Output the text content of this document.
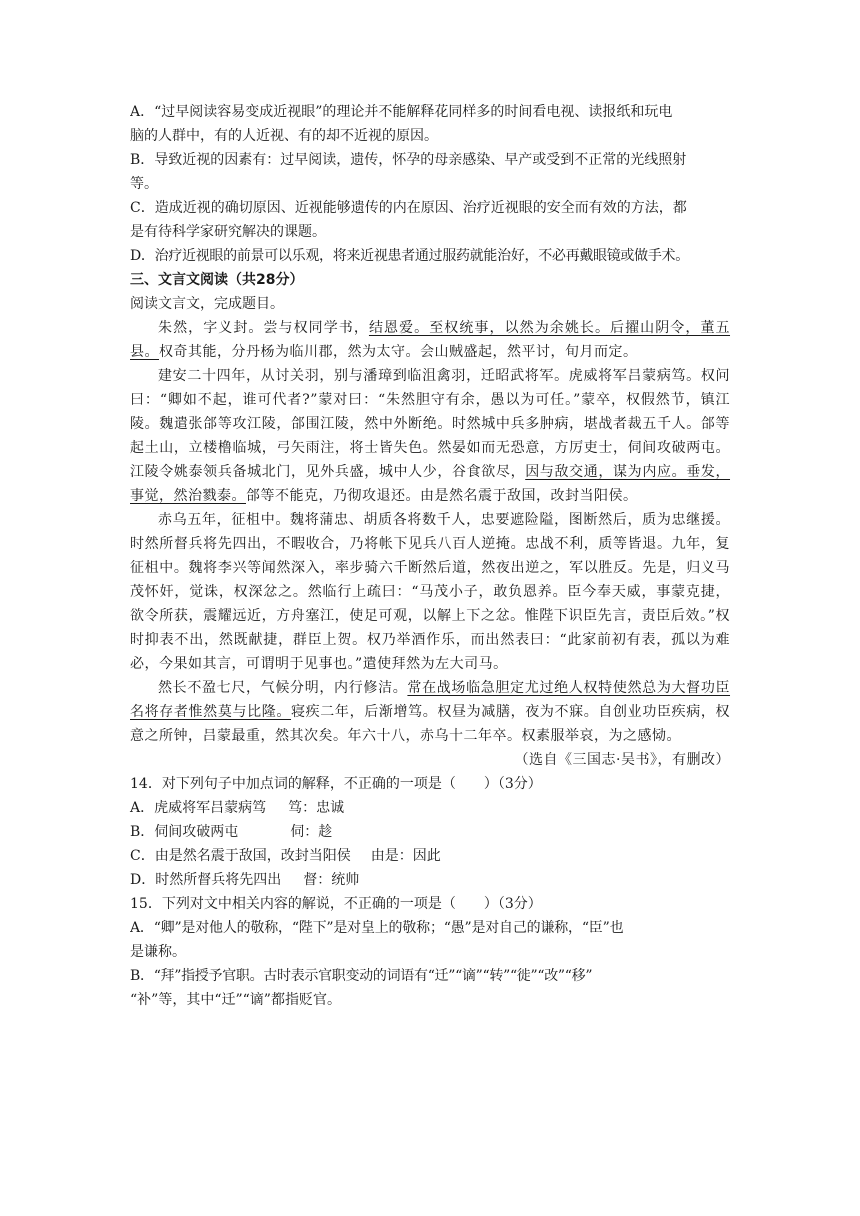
A．“过早阅读容易变成近视眼”的理论并不能解释花同样多的时间看电视、读报纸和玩电
脑的人群中，有的人近视、有的却不近视的原因。
B．导致近视的因素有：过早阅读，遗传，怀孕的母亲感染、早产或受到不正常的光线照射
等。
C．造成近视的确切原因、近视能够遗传的内在原因、治疗近视眼的安全而有效的方法，都
是有待科学家研究解决的课题。
D．治疗近视眼的前景可以乐观，将来近视患者通过服药就能治好，不必再戴眼镜或做手术。
三、文言文阅读（共28分）
阅读文言文，完成题目。
朱然，字义封。尝与权同学书，结恩爱。至权统事，以然为余姚长。后擢山阴令，董五县。权奇其能，分丹杨为临川郡，然为太守。会山贼盛起，然平讨，旬月而定。
建安二十四年，从讨关羽，别与潘璋到临沮禽羽，迁昭武将军。虎威将军吕蒙病笃。权问曰：“卿如不起，谁可代者?”蒙对曰：“朱然胆守有余，愚以为可任。”蒙卒，权假然节，镇江陵。魏遣张郃等攻江陵，郃围江陵，然中外断绝。时然城中兵多肿病，堪战者裁五千人。郃等起土山，立楼橹临城，弓矢雨注，将士皆失色。然晏如而无恐意，方厉吏士，伺间攻破两屯。江陵令姚泰领兵备城北门，见外兵盛，城中人少，谷食欲尽，因与敌交通，谋为内应。垂发，事觉，然治戮泰。郃等不能克，乃彻攻退还。由是然名震于敌国，改封当阳侯。
赤乌五年，征柤中。魏将蒲忠、胡质各将数千人，忠要遮险隘，图断然后，质为忠继援。时然所督兵将先四出，不暇收合，乃将帐下见兵八百人逆掩。忠战不利，质等皆退。九年，复征柤中。魏将李兴等闻然深入，率步骑六千断然后道，然夜出逆之，军以胜反。先是，归义马茂怀奸，觉诛，权深忿之。然临行上疏曰：“马茂小子，敢负恩养。臣今奉天威，事蒙克捷，欲令所获，震耀远近，方舟塞江，使足可观，以解上下之忿。惟陛下识臣先言，责臣后效。”权时抑表不出，然既献捷，群臣上贺。权乃举酒作乐，而出然表曰：“此家前初有表，孤以为难必，今果如其言，可谓明于见事也。”遣使拜然为左大司马。
然长不盈七尺，气候分明，内行修洁。常在战场临急胆定尤过绝人权特使然总为大督功臣名将存者惟然莫与比隆。寝疾二年，后渐增笃。权昼为减膳，夜为不寐。自创业功臣疾病，权意之所钟，吕蒙最重，然其次矣。年六十八，赤乌十二年卒。权素服举哀，为之感恸。
（选自《三国志·吴书》，有删改）
14．对下列句子中加点词的解释，不正确的一项是（　　）（3分）
A．虎威将军吕蒙病笃 笃：忠诚
B．伺间攻破两屯	伺：趁
C．由是然名震于敌国，改封当阳侯 由是：因此
D．时然所督兵将先四出 督：统帅
15．下列对文中相关内容的解说，不正确的一项是（　　）（3分）
A．“卿”是对他人的敬称，“陛下”是对皇上的敬称；“愚”是对自己的谦称，“臣”也
是谦称。
B．“拜”指授予官职。古时表示官职变动的词语有“迁”“谪”“转”“徙”“改”“移”
“补”等，其中“迁”“谪”都指贬官。
